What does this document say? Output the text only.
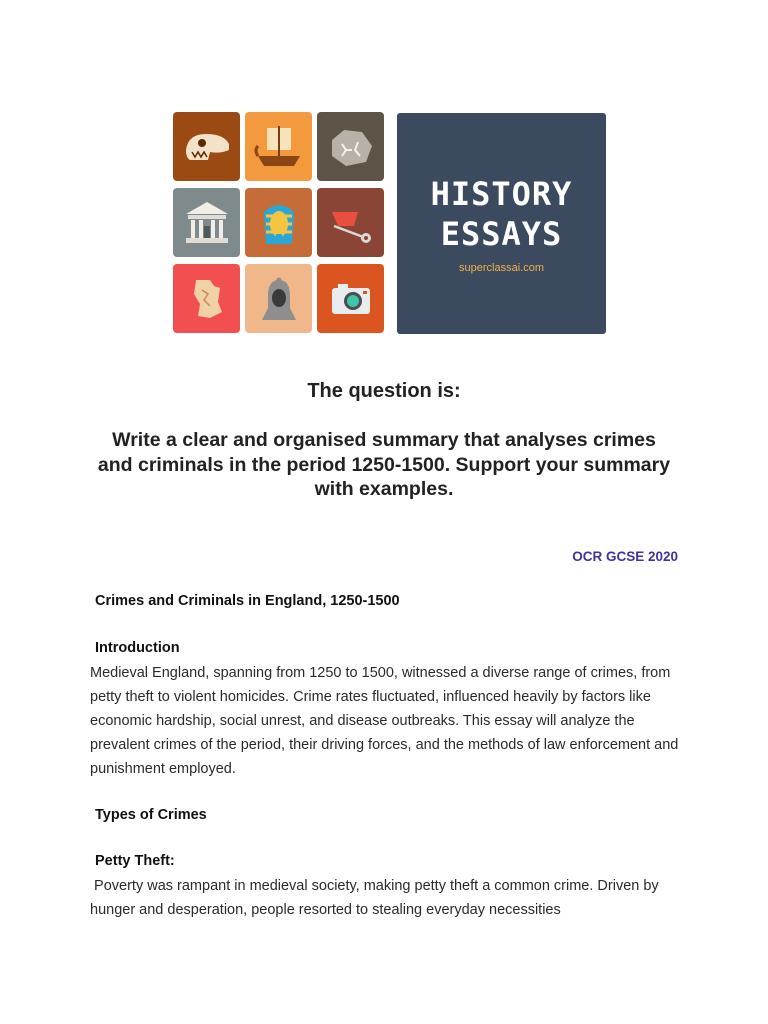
HISTORY
ESSAYS
superclassai.com
The question is:
Write a clear and organised summary that analyses crimes and criminals in the period 1250-1500. Support your summary with examples.
OCR GCSE 2020
Crimes and Criminals in England, 1250-1500
Introduction
Medieval England, spanning from 1250 to 1500, witnessed a diverse range of crimes, from petty theft to violent homicides. Crime rates fluctuated, influenced heavily by factors like economic hardship, social unrest, and disease outbreaks. This essay will analyze the prevalent crimes of the period, their driving forces, and the methods of law enforcement and punishment employed.
Types of Crimes
Petty Theft:
Poverty was rampant in medieval society, making petty theft a common crime. Driven by hunger and desperation, people resorted to stealing everyday necessities
